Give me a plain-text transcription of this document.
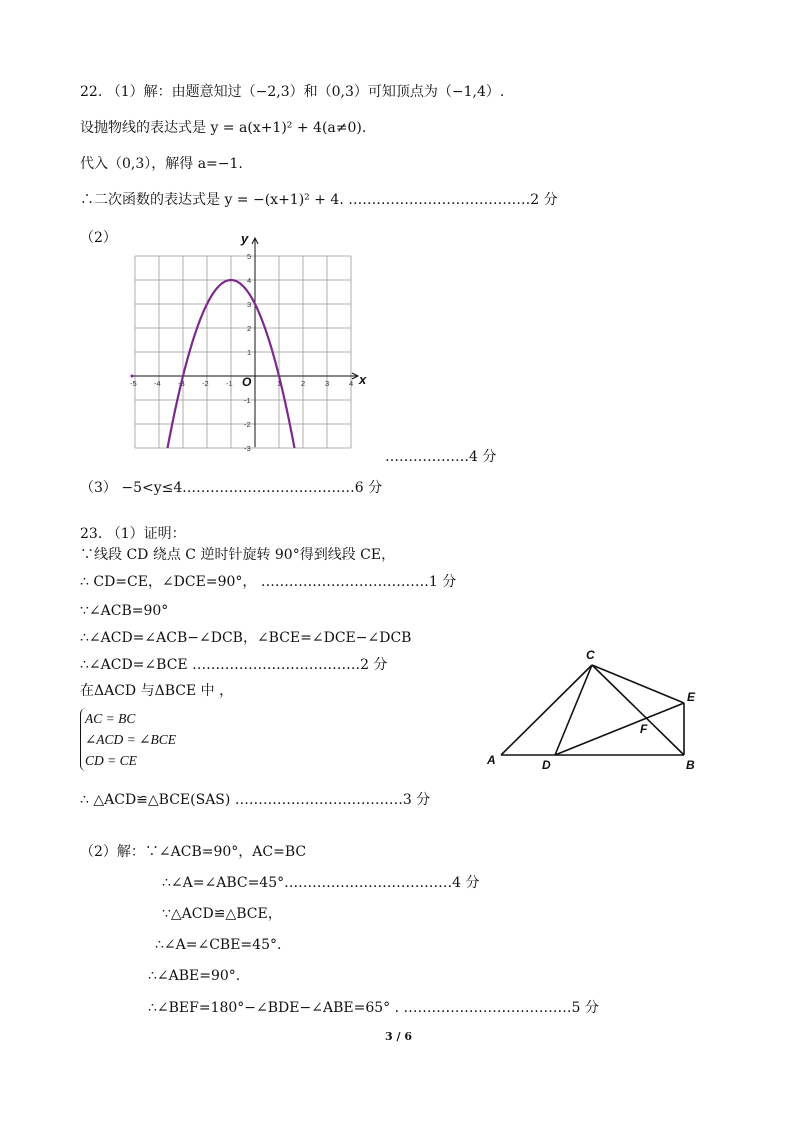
22. （1）解：由题意知过（−2,3）和（0,3）可知顶点为（−1,4）.
设抛物线的表达式是 y = a(x+1)² + 4(a≠0).
代入（0,3），解得 a=−1.
∴二次函数的表达式是 y = −(x+1)² + 4. …………………………………2 分
（2）
-5 -4 -3 -2 -1	1	2	3	4
5
4
3
2
1
-1
-2
-3
x
y
O
………………4 分
（3） −5<y≤4.………………………………6 分
23. （1）证明：
∵线段 CD 绕点 C 逆时针旋转 90°得到线段 CE，
∴ CD=CE，∠DCE=90°， ………………………………1 分
∵∠ACB=90°
∴∠ACD=∠ACB−∠DCB，∠BCE=∠DCE−∠DCB
∴∠ACD=∠BCE ………………………………2 分
在ΔACD 与ΔBCE 中 ，
AC = BC
∠ACD = ∠BCE
CD = CE
∴ △ACD≌△BCE(SAS) ………………………………3 分
（2）解：∵∠ACB=90°，AC=BC
∴∠A=∠ABC=45°………………………………4 分
∵△ACD≌△BCE，
∴∠A=∠CBE=45°.
∴∠ABE=90°.
∴∠BEF=180°−∠BDE−∠ABE=65° . ………………………………5 分
C
E
F
A	D	B
3 / 6
